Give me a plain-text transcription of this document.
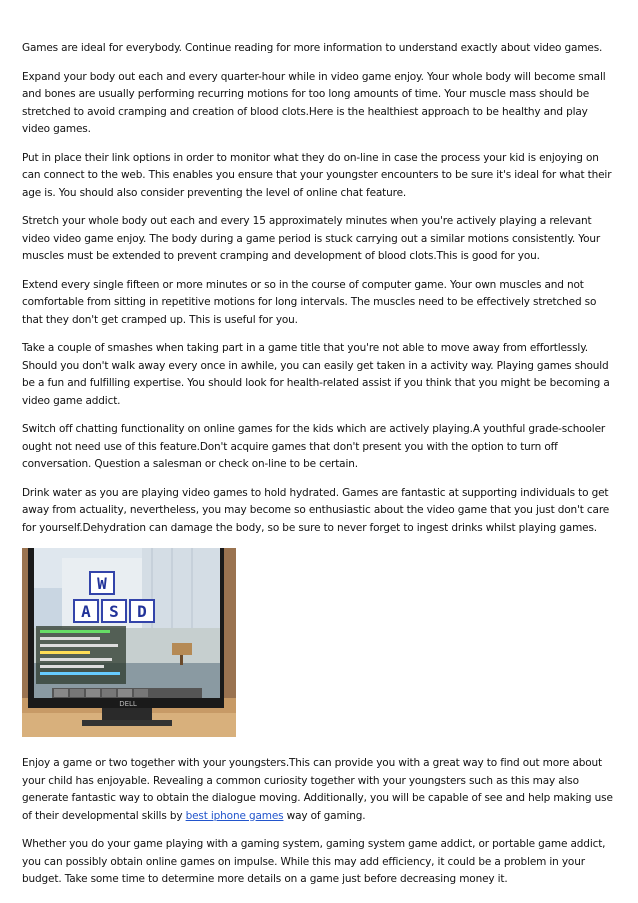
Games are ideal for everybody. Continue reading for more information to understand exactly about video games.

Expand your body out each and every quarter-hour while in video game enjoy. Your whole body will become small and bones are usually performing recurring motions for too long amounts of time. Your muscle mass should be stretched to avoid cramping and creation of blood clots.Here is the healthiest approach to be healthy and play video games.

Put in place their link options in order to monitor what they do on-line in case the process your kid is enjoying on can connect to the web. This enables you ensure that your youngster encounters to be sure it's ideal for what their age is. You should also consider preventing the level of online chat feature.

Stretch your whole body out each and every 15 approximately minutes when you're actively playing a relevant video video game enjoy. The body during a game period is stuck carrying out a similar motions consistently. Your muscles must be extended to prevent cramping and development of blood clots.This is good for you.

Extend every single fifteen or more minutes or so in the course of computer game. Your own muscles and not comfortable from sitting in repetitive motions for long intervals. The muscles need to be effectively stretched so that they don't get cramped up. This is useful for you.

Take a couple of smashes when taking part in a game title that you're not able to move away from effortlessly. Should you don't walk away every once in awhile, you can easily get taken in a activity way. Playing games should be a fun and fulfilling expertise. You should look for health-related assist if you think that you might be becoming a video game addict.

Switch off chatting functionality on online games for the kids which are actively playing.A youthful grade-schooler ought not need use of this feature.Don't acquire games that don't present you with the option to turn off conversation. Question a salesman or check on-line to be certain.

Drink water as you are playing video games to hold hydrated. Games are fantastic at supporting individuals to get away from actuality, nevertheless, you may become so enthusiastic about the video game that you just don't care for yourself.Dehydration can damage the body, so be sure to never forget to ingest drinks whilst playing games.

W
A S D
DELL

Enjoy a game or two together with your youngsters.This can provide you with a great way to find out more about your child has enjoyable. Revealing a common curiosity together with your youngsters such as this may also generate fantastic way to obtain the dialogue moving. Additionally, you will be capable of see and help making use of their developmental skills by best iphone games way of gaming.

Whether you do your game playing with a gaming system, gaming system game addict, or portable game addict, you can possibly obtain online games on impulse. While this may add efficiency, it could be a problem in your budget. Take some time to determine more details on a game just before decreasing money it.
